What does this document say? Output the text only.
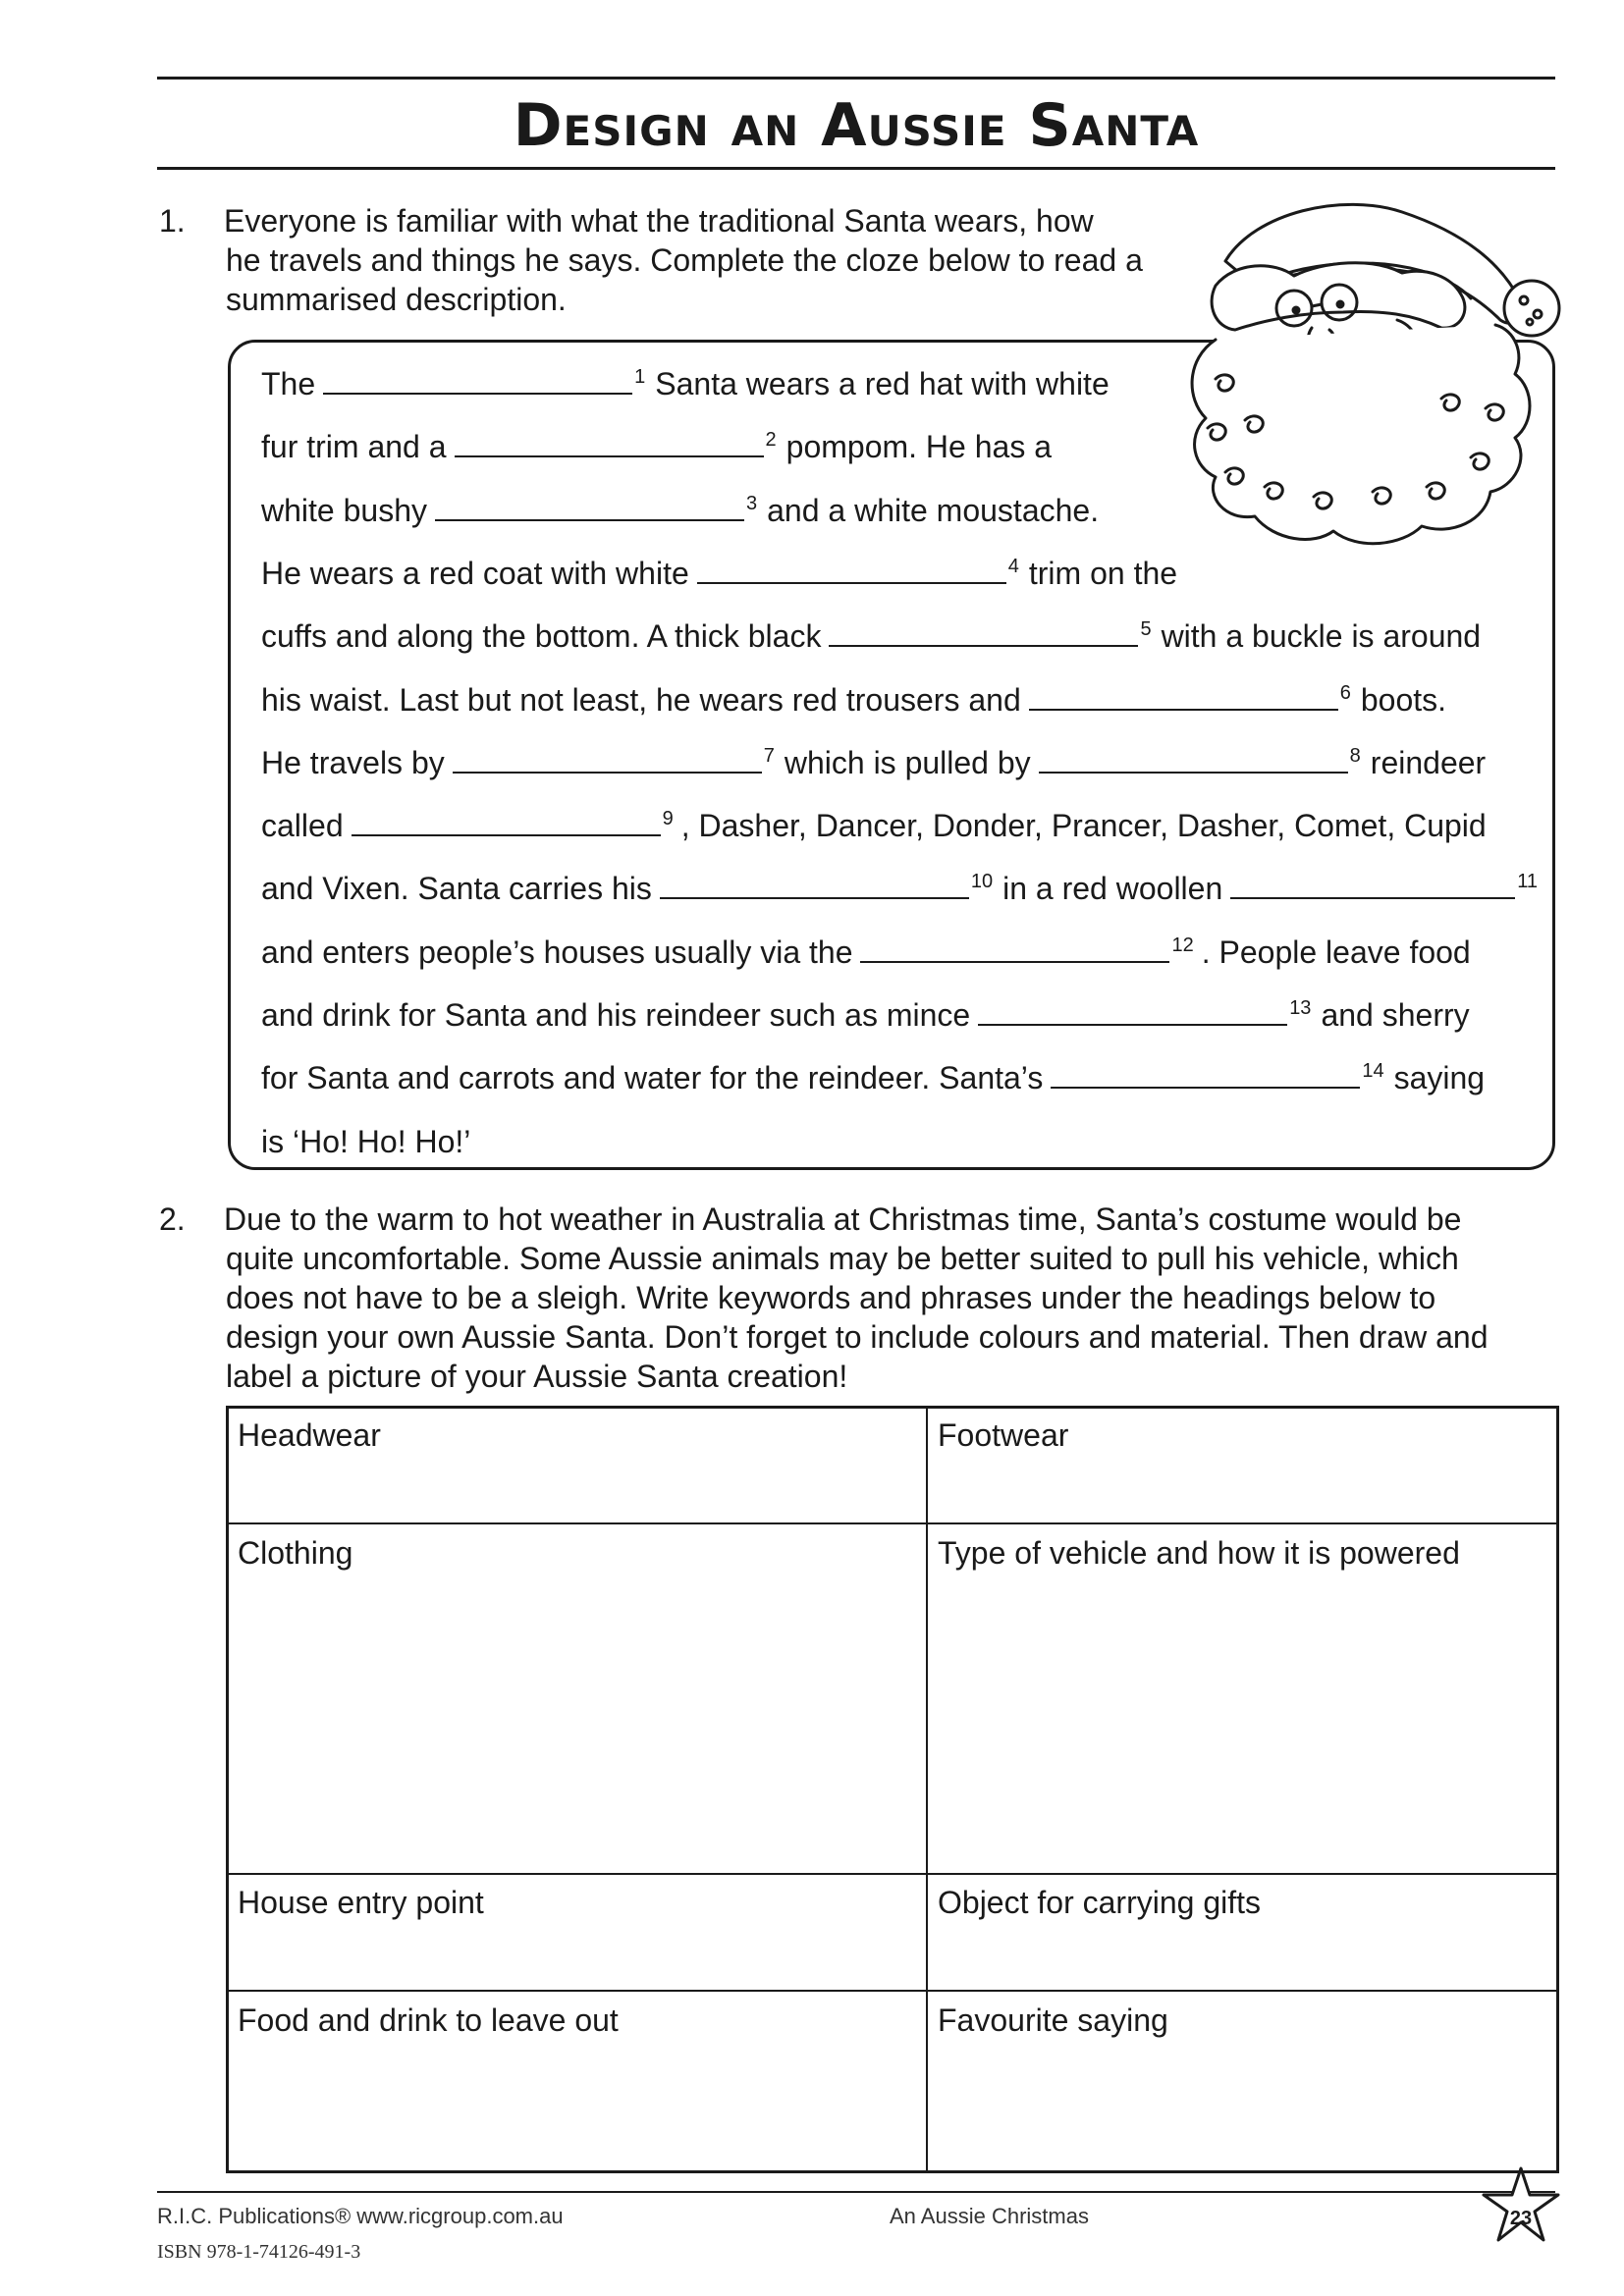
Design an Aussie Santa
1. Everyone is familiar with what the traditional Santa wears, how
he travels and things he says. Complete the cloze below to read a
summarised description.
The	$^1$ Santa wears a red hat with white
fur trim and a	$^2$ pompom. He has a
white bushy	$^3$ and a white moustache.
He wears a red coat with white	$^4$ trim on the
cuffs and along the bottom. A thick black	$^5$ with a buckle is around
his waist. Last but not least, he wears red trousers and	$^6$ boots.
He travels by	$^7$ which is pulled by	$^8$ reindeer
called	$^9$ , Dasher, Dancer, Donder, Prancer, Dasher, Comet, Cupid
and Vixen. Santa carries his	$^{10}$ in a red woollen	$^{11}$
and enters people’s houses usually via the	$^{12}$ . People leave food
and drink for Santa and his reindeer such as mince	$^{13}$ and sherry
for Santa and carrots and water for the reindeer. Santa’s	$^{14}$ saying
is ‘Ho! Ho! Ho!’
2. Due to the warm to hot weather in Australia at Christmas time, Santa’s costume would be
quite uncomfortable. Some Aussie animals may be better suited to pull his vehicle, which
does not have to be a sleigh. Write keywords and phrases under the headings below to
design your own Aussie Santa. Don’t forget to include colours and material. Then draw and
label a picture of your Aussie Santa creation!
Headwear	Footwear
Clothing	Type of vehicle and how it is powered
House entry point	Object for carrying gifts
Food and drink to leave out	Favourite saying
R.I.C. Publications® www.ricgroup.com.au	An Aussie Christmas
ISBN 978-1-74126-491-3
23
